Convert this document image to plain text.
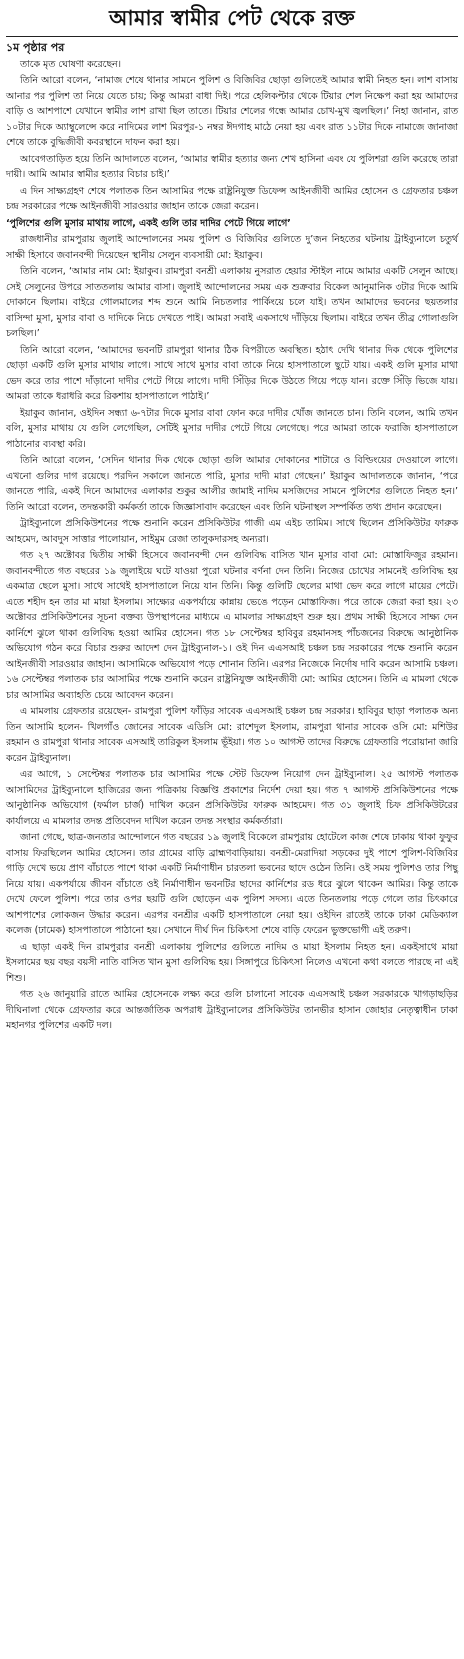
আমার স্বামীর পেট থেকে রক্ত
১ম পৃষ্ঠার পর

তাকে মৃত ঘোষণা করেছেন।

তিনি আরো বলেন, ‘নামাজ শেষে থানার সামনে পুলিশ ও বিজিবির ছোড়া গুলিতেই আমার স্বামী নিহত হন। লাশ বাসায় আনার পর পুলিশ তা নিয়ে যেতে চায়; কিন্তু আমরা বাধা দিই। পরে হেলিকপ্টার থেকে টিয়ার শেল নিক্ষেপ করা হয় আমাদের বাড়ি ও আশপাশে যেখানে স্বামীর লাশ রাখা ছিল তাতে। টিয়ার শেলের গন্ধে আমার চোখ-মুখ জ্বলছিল।’ নিহা জানান, রাত ১০টার দিকে অ্যাম্বুলেন্সে করে নাদিমের লাশ মিরপুর-১ নম্বর ঈদগাহ মাঠে নেয়া হয় এবং রাত ১১টার দিকে নামাজে জানাজা শেষে তাকে বুদ্ধিজীবী কবরস্থানে দাফন করা হয়।

আবেগতাড়িত হয়ে তিনি আদালতে বলেন, ‘আমার স্বামীর হত্যার জন্য শেখ হাসিনা এবং যে পুলিশরা গুলি করেছে তারা দায়ী। আমি আমার স্বামীর হত্যার বিচার চাই।’

এ দিন সাক্ষ্যগ্রহণ শেষে পলাতক তিন আসামির পক্ষে রাষ্ট্রনিযুক্ত ডিফেন্স আইনজীবী আমির হোসেন ও গ্রেফতার চঞ্চল চন্দ্র সরকারের পক্ষে আইনজীবী সারওয়ার জাহান তাকে জেরা করেন।

‘পুলিশের গুলি মুসার মাথায় লাগে, একই গুলি তার দাদির পেটে গিয়ে লাগে’

রাজধানীর রামপুরায় জুলাই আন্দোলনের সময় পুলিশ ও বিজিবির গুলিতে দু’জন নিহতের ঘটনায় ট্রাইব্যুনালে চতুর্থ সাক্ষী হিসাবে জবানবন্দী দিয়েছেন স্থানীয় সেলুন ব্যবসায়ী মো: ইয়াকুব।

তিনি বলেন, ‘আমার নাম মো: ইয়াকুব। রামপুরা বনশ্রী এলাকায় নুসরাত হেয়ার স্টাইল নামে আমার একটি সেলুন আছে। সেই সেলুনের উপরে সাততলায় আমার বাসা। জুলাই আন্দোলনের সময় এক শুক্রবার বিকেল আনুমানিক ৩টার দিকে আমি দোকানে ছিলাম। বাইরে গোলমালের শব্দ শুনে আমি নিচতলার পার্কিংয়ে চলে যাই। তখন আমাদের ভবনের ছয়তলার বাসিন্দা মুসা, মুসার বাবা ও দাদিকে নিচে দেখতে পাই। আমরা সবাই একসাথে দাঁড়িয়ে ছিলাম। বাইরে তখন তীব্র গোলাগুলি চলছিল।’

তিনি আরো বলেন, ‘আমাদের ভবনটি রামপুরা থানার ঠিক বিপরীতে অবস্থিত। হঠাৎ দেখি থানার দিক থেকে পুলিশের ছোড়া একটি গুলি মুসার মাথায় লাগে। সাথে সাথে মুসার বাবা তাকে নিয়ে হাসপাতালে ছুটে যায়। একই গুলি মুসার মাথা ভেদ করে তার পাশে দাঁড়ানো দাদীর পেটে গিয়ে লাগে। দাদী সিঁড়ির দিকে উঠতে গিয়ে পড়ে যান। রক্তে সিঁড়ি ভিজে যায়। আমরা তাকে ধরাধরি করে রিকশায় হাসপাতালে পাঠাই।’

ইয়াকুব জানান, ওইদিন সন্ধ্যা ৬-৭টার দিকে মুসার বাবা ফোন করে দাদীর খোঁজ জানতে চান। তিনি বলেন, আমি তখন বলি, মুসার মাথায় যে গুলি লেগেছিল, সেটিই মুসার দাদীর পেটে গিয়ে লেগেছে। পরে আমরা তাকে ফরাজি হাসপাতালে পাঠানোর ব্যবস্থা করি।

তিনি আরো বলেন, ‘সেদিন থানার দিক থেকে ছোড়া গুলি আমার দোকানের শাটারে ও বিল্ডিংয়ের দেওয়ালে লাগে। এখনো গুলির দাগ রয়েছে। পরদিন সকালে জানতে পারি, মুসার দাদী মারা গেছেন।’ ইয়াকুব আদালতকে জানান, ‘পরে জানতে পারি, একই দিনে আমাদের এলাকার শুকুর আলীর জামাই নাদিম মসজিদের সামনে পুলিশের গুলিতে নিহত হন।’ তিনি আরো বলেন, তদন্তকারী কর্মকর্তা তাকে জিজ্ঞাসাবাদ করেছেন এবং তিনি ঘটনাস্থল সম্পর্কিত তথ্য প্রদান করেছেন।

ট্রাইব্যুনালে প্রসিকিউশনের পক্ষে শুনানি করেন প্রসিকিউটর গাজী এম এইচ তামিম। সাথে ছিলেন প্রসিকিউটর ফারুক আহমেদ, আবদুস সাত্তার পালোয়ান, সাইমুম রেজা তালুকদারসহ অন্যরা।

গত ২৭ অক্টোবর দ্বিতীয় সাক্ষী হিসেবে জবানবন্দী দেন গুলিবিদ্ধ বাসিত খান মুসার বাবা মো: মোস্তাফিজুর রহমান। জবানবন্দীতে গত বছরের ১৯ জুলাইয়ে ঘটে যাওয়া পুরো ঘটনার বর্ণনা দেন তিনি। নিজের চোখের সামনেই গুলিবিদ্ধ হয় একমাত্র ছেলে মুসা। সাথে সাথেই হাসপাতালে নিয়ে যান তিনি। কিন্তু গুলিটি ছেলের মাথা ভেদ করে লাগে মায়ের পেটে। এতে শহীদ হন তার মা মায়া ইসলাম। সাক্ষ্যের একপর্যায়ে কান্নায় ভেঙে পড়েন মোস্তাফিজ। পরে তাকে জেরা করা হয়। ২৩ অক্টোবর প্রসিকিউশনের সূচনা বক্তব্য উপস্থাপনের মাধ্যমে এ মামলার সাক্ষ্যগ্রহণ শুরু হয়। প্রথম সাক্ষী হিসেবে সাক্ষ্য দেন কার্নিশে ঝুলে থাকা গুলিবিদ্ধ হওয়া আমির হোসেন। গত ১৮ সেপ্টেম্বর হাবিবুর রহমানসহ পাঁচজনের বিরুদ্ধে আনুষ্ঠানিক অভিযোগ গঠন করে বিচার শুরুর আদেশ দেন ট্রাইব্যুনাল-১। ওই দিন এএসআই চঞ্চল চন্দ্র সরকারের পক্ষে শুনানি করেন আইনজীবী সারওয়ার জাহান। আসামিকে অভিযোগ পড়ে শোনান তিনি। এরপর নিজেকে নির্দোষ দাবি করেন আসামি চঞ্চল। ১৬ সেপ্টেম্বর পলাতক চার আসামির পক্ষে শুনানি করেন রাষ্ট্রনিযুক্ত আইনজীবী মো: আমির হোসেন। তিনি এ মামলা থেকে চার আসামির অব্যাহতি চেয়ে আবেদন করেন।

এ মামলায় গ্রেফতার রয়েছেন- রামপুরা পুলিশ ফাঁড়ির সাবেক এএসআই চঞ্চল চন্দ্র সরকার। হাবিবুর ছাড়া পলাতক অন্য তিন আসামি হলেন- খিলগাঁও জোনের সাবেক এডিসি মো: রাশেদুল ইসলাম, রামপুরা থানার সাবেক ওসি মো: মশিউর রহমান ও রামপুরা থানার সাবেক এসআই তারিকুল ইসলাম ভূঁইয়া। গত ১০ আগস্ট তাদের বিরুদ্ধে গ্রেফতারি পরোয়ানা জারি করেন ট্রাইব্যুনাল।

এর আগে, ১ সেপ্টেম্বর পলাতক চার আসামির পক্ষে স্টেট ডিফেন্স নিয়োগ দেন ট্রাইব্যুনাল। ২৫ আগস্ট পলাতক আসামিদের ট্রাইব্যুনালে হাজিরের জন্য পত্রিকায় বিজ্ঞপ্তি প্রকাশের নির্দেশ দেয়া হয়। গত ৭ আগস্ট প্রসিকিউশনের পক্ষে আনুষ্ঠানিক অভিযোগ (ফর্মাল চার্জ) দাখিল করেন প্রসিকিউটর ফারুক আহমেদ। গত ৩১ জুলাই চিফ প্রসিকিউটরের কার্যালয়ে এ মামলার তদন্ত প্রতিবেদন দাখিল করেন তদন্ত সংস্থার কর্মকর্তারা।

জানা গেছে, ছাত্র-জনতার আন্দোলনে গত বছরের ১৯ জুলাই বিকেলে রামপুরায় হোটেলে কাজ শেষে ঢাকায় থাকা ফুফুর বাসায় ফিরছিলেন আমির হোসেন। তার গ্রামের বাড়ি ব্রাহ্মণবাড়িয়ায়। বনশ্রী-মেরাদিয়া সড়কের দুই পাশে পুলিশ-বিজিবির গাড়ি দেখে ভয়ে প্রাণ বাঁচাতে পাশে থাকা একটি নির্মাণাধীন চারতলা ভবনের ছাদে ওঠেন তিনি। ওই সময় পুলিশও তার পিছু নিয়ে যায়। একপর্যায়ে জীবন বাঁচাতে ওই নির্মাণাধীন ভবনটির ছাদের কার্নিশের রড ধরে ঝুলে থাকেন আমির। কিন্তু তাকে দেখে ফেলে পুলিশ। পরে তার ওপর ছয়টি গুলি ছোড়েন এক পুলিশ সদস্য। এতে তিনতলায় পড়ে গেলে তার চিৎকারে আশপাশের লোকজন উদ্ধার করেন। এরপর বনশ্রীর একটি হাসপাতালে নেয়া হয়। ওইদিন রাতেই তাকে ঢাকা মেডিক্যাল কলেজ (ঢামেক) হাসপাতালে পাঠানো হয়। সেখানে দীর্ঘ দিন চিকিৎসা শেষে বাড়ি ফেরেন ভুক্তভোগী এই তরুণ।

এ ছাড়া একই দিন রামপুরার বনশ্রী এলাকায় পুলিশের গুলিতে নাদিম ও মায়া ইসলাম নিহত হন। একইসাথে মায়া ইসলামের ছয় বছর বয়সী নাতি বাসিত খান মুসা গুলিবিদ্ধ হয়। সিঙ্গাপুরে চিকিৎসা নিলেও এখনো কথা বলতে পারছে না এই শিশু।

গত ২৬ জানুয়ারি রাতে আমির হোসেনকে লক্ষ্য করে গুলি চালানো সাবেক এএসআই চঞ্চল সরকারকে খাগড়াছড়ির দীঘিনালা থেকে গ্রেফতার করে আন্তর্জাতিক অপরাধ ট্রাইব্যুনালের প্রসিকিউটর তানভীর হাসান জোহার নেতৃত্বাধীন ঢাকা মহানগর পুলিশের একটি দল।
